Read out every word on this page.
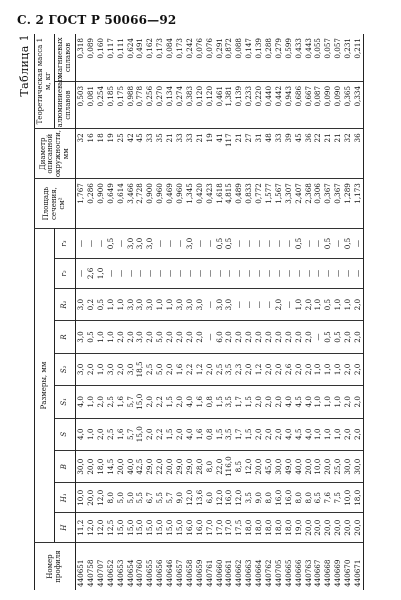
С. 2 ГОСТ Р 50066—92
Таблица 1
Номер профиля	Размеры, мм										Площадь сечения, см²	Диаметр описанной окружности, мм	Теоретическая масса 1 м, кг	
	H	H₁	B	S	S₁	S₂	R	R₁	r₂	r₃			алюминиевых сплавов	магниевых сплавов
440651	11,2	10,0	30,0	4,0	4,0	3,0	3,0	3,0	—	—	1,767	32	0,503	0,318
440758	12,0	20,0	20,0	1,0	1,0	2,0	0,5	0,2	2,6	—	0,286	16	0,081	0,089
440707	12,0	12,0	18,0	2,0	2,0	1,0	1,0	0,5	1,0	—	0,900	18	0,254	0,160
440652	12,5	8,0	14,5	2,5	2,5	3,0	1,0	1,0	—	0,5	0,649	19	0,185	0,117
440653	15,0	5,0	20,0	1,6	1,6	2,0	2,0	1,0	—	—	0,614	25	0,175	0,111
440654	15,0	5,0	40,0	5,7	5,7	3,0	2,0	3,0	—	3,0	3,466	42	0,988	0,624
440760	15,0	5,5	42,5	15,0	15,0	18,5	3,0	3,0	—	3,0	2,728	45	0,778	0,491
440655	15,0	6,7	29,0	2,0	2,0	2,5	2,0	3,0	—	3,0	0,900	33	0,256	0,162
440656	15,0	5,5	22,0	2,2	2,2	5,0	5,0	1,0	—	—	0,960	35	0,270	0,173
440646	15,0	5,7	20,0	1,5	1,5	2,0	2,0	1,0	—	—	0,469	21	0,134	0,084
440657	15,0	9,0	29,0	2,0	2,0	1,6	2,0	3,0	—	—	0,960	33	0,274	0,173
440658	16,0	12,0	29,0	4,0	4,0	2,2	2,0	3,0	—	3,0	1,345	33	0,383	0,242
440659	16,0	13,6	28,0	1,6	1,6	1,2	2,0	3,0	—	—	0,420	21	0,120	0,076
440761	17,0	6,0	8,0	0,8	0,8	2,0	—	—	—	—	0,423	19	0,120	0,076
440660	17,0	12,0	22,0	1,5	1,5	2,5	6,0	3,0	—	0,5	1,618	41	0,461	0,291
440661	17,0	16,0	116,0	3,5	3,5	3,5	2,0	3,0	—	0,5	4,815	117	1,381	0,872
440662	17,5	12,0	8,5	1,7	1,7	2,3	2,0	—	—	—	0,489	21	0,139	0,088
440663	18,0	3,5	12,0	1,5	1,5	2,0	2,0	—	—	—	0,833	27	0,233	0,147
440664	18,0	9,0	20,0	2,0	2,0	1,2	2,0	—	—	—	0,772	31	0,220	0,139
440762	18,0	8,0	45,0	2,0	2,0	2,0	2,0	—	—	—	1,577	48	0,440	0,288
440705	18,0	16,0	30,0	2,0	2,0	2,0	2,0	2,0	—	—	1,567	33	0,442	0,279
440665	18,0	16,0	49,0	4,0	4,0	2,6	2,0	—	—	—	3,307	39	0,943	0,599
440666	19,0	8,0	40,0	4,5	4,5	2,0	2,0	1,0	—	0,5	2,407	45	0,686	0,433
440763	20,0	8,0	20,0	4,0	4,0	2,0	2,0	2,0	—	—	2,368	36	0,667	0,443
440667	20,0	6,5	10,0	1,0	1,0	1,0	—	1,0	—	—	0,306	22	0,087	0,055
440668	20,0	7,6	20,0	1,0	1,0	1,0	0,5	0,5	—	0,5	0,367	21	0,090	0,057
440669	20,0	7,5	25,0	1,0	1,0	1,0	0,5	1,0	—	—	0,367	21	0,090	0,057
440670	20,0	10,0	30,0	2,0	2,0	2,0	2,0	1,0	—	0,5	1,289	32	0,365	0,231
440671	20,0	18,0	30,0	2,0	2,0	2,0	2,0	2,0	—	—	1,173	36	0,334	0,211
